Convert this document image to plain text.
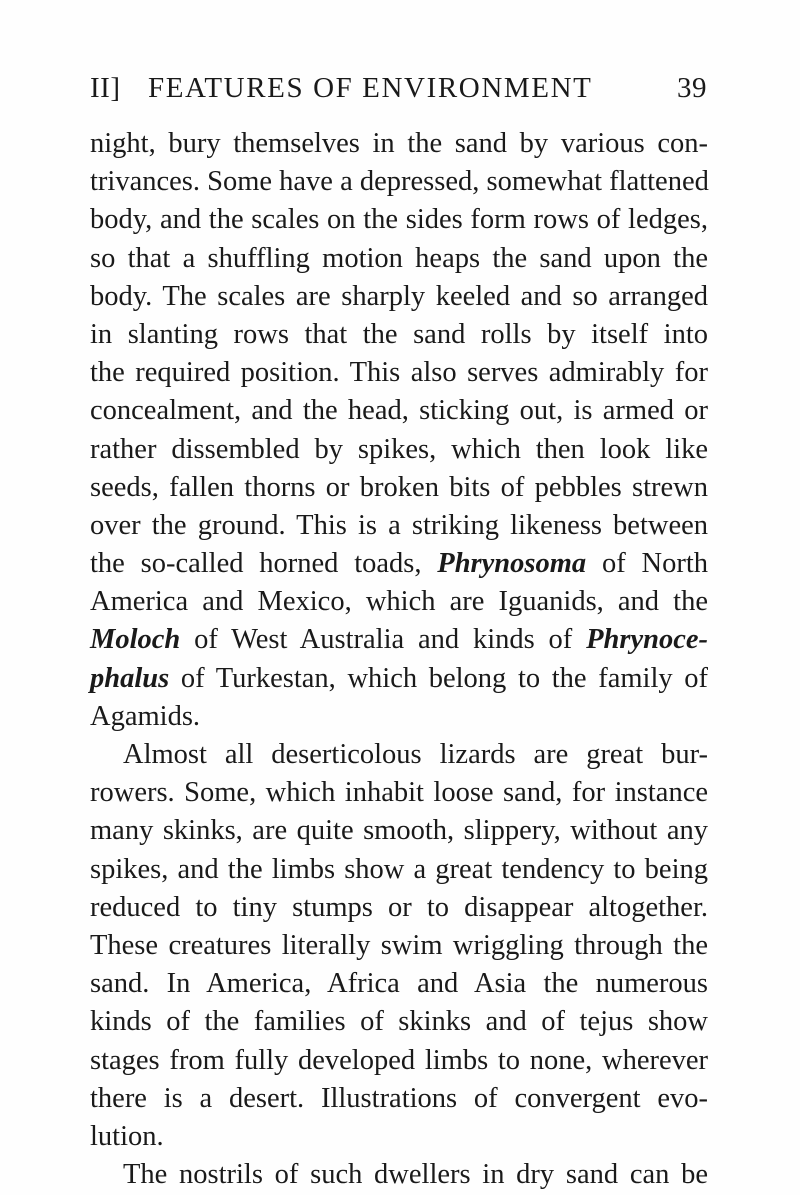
II] FEATURES OF ENVIRONMENT	39
night, bury themselves in the sand by various con-
trivances. Some have a depressed, somewhat flattened
body, and the scales on the sides form rows of ledges,
so that a shuffling motion heaps the sand upon the
body. The scales are sharply keeled and so arranged
in slanting rows that the sand rolls by itself into
the required position. This also serves admirably for
concealment, and the head, sticking out, is armed or
rather dissembled by spikes, which then look like
seeds, fallen thorns or broken bits of pebbles strewn
over the ground. This is a striking likeness between
the so-called horned toads, Phrynosoma of North
America and Mexico, which are Iguanids, and the
Moloch of West Australia and kinds of Phrynoce-
phalus of Turkestan, which belong to the family of
Agamids.
Almost all deserticolous lizards are great bur-
rowers. Some, which inhabit loose sand, for instance
many skinks, are quite smooth, slippery, without any
spikes, and the limbs show a great tendency to being
reduced to tiny stumps or to disappear altogether.
These creatures literally swim wriggling through the
sand. In America, Africa and Asia the numerous
kinds of the families of skinks and of tejus show
stages from fully developed limbs to none, wherever
there is a desert. Illustrations of convergent evo-
lution.
The nostrils of such dwellers in dry sand can be
